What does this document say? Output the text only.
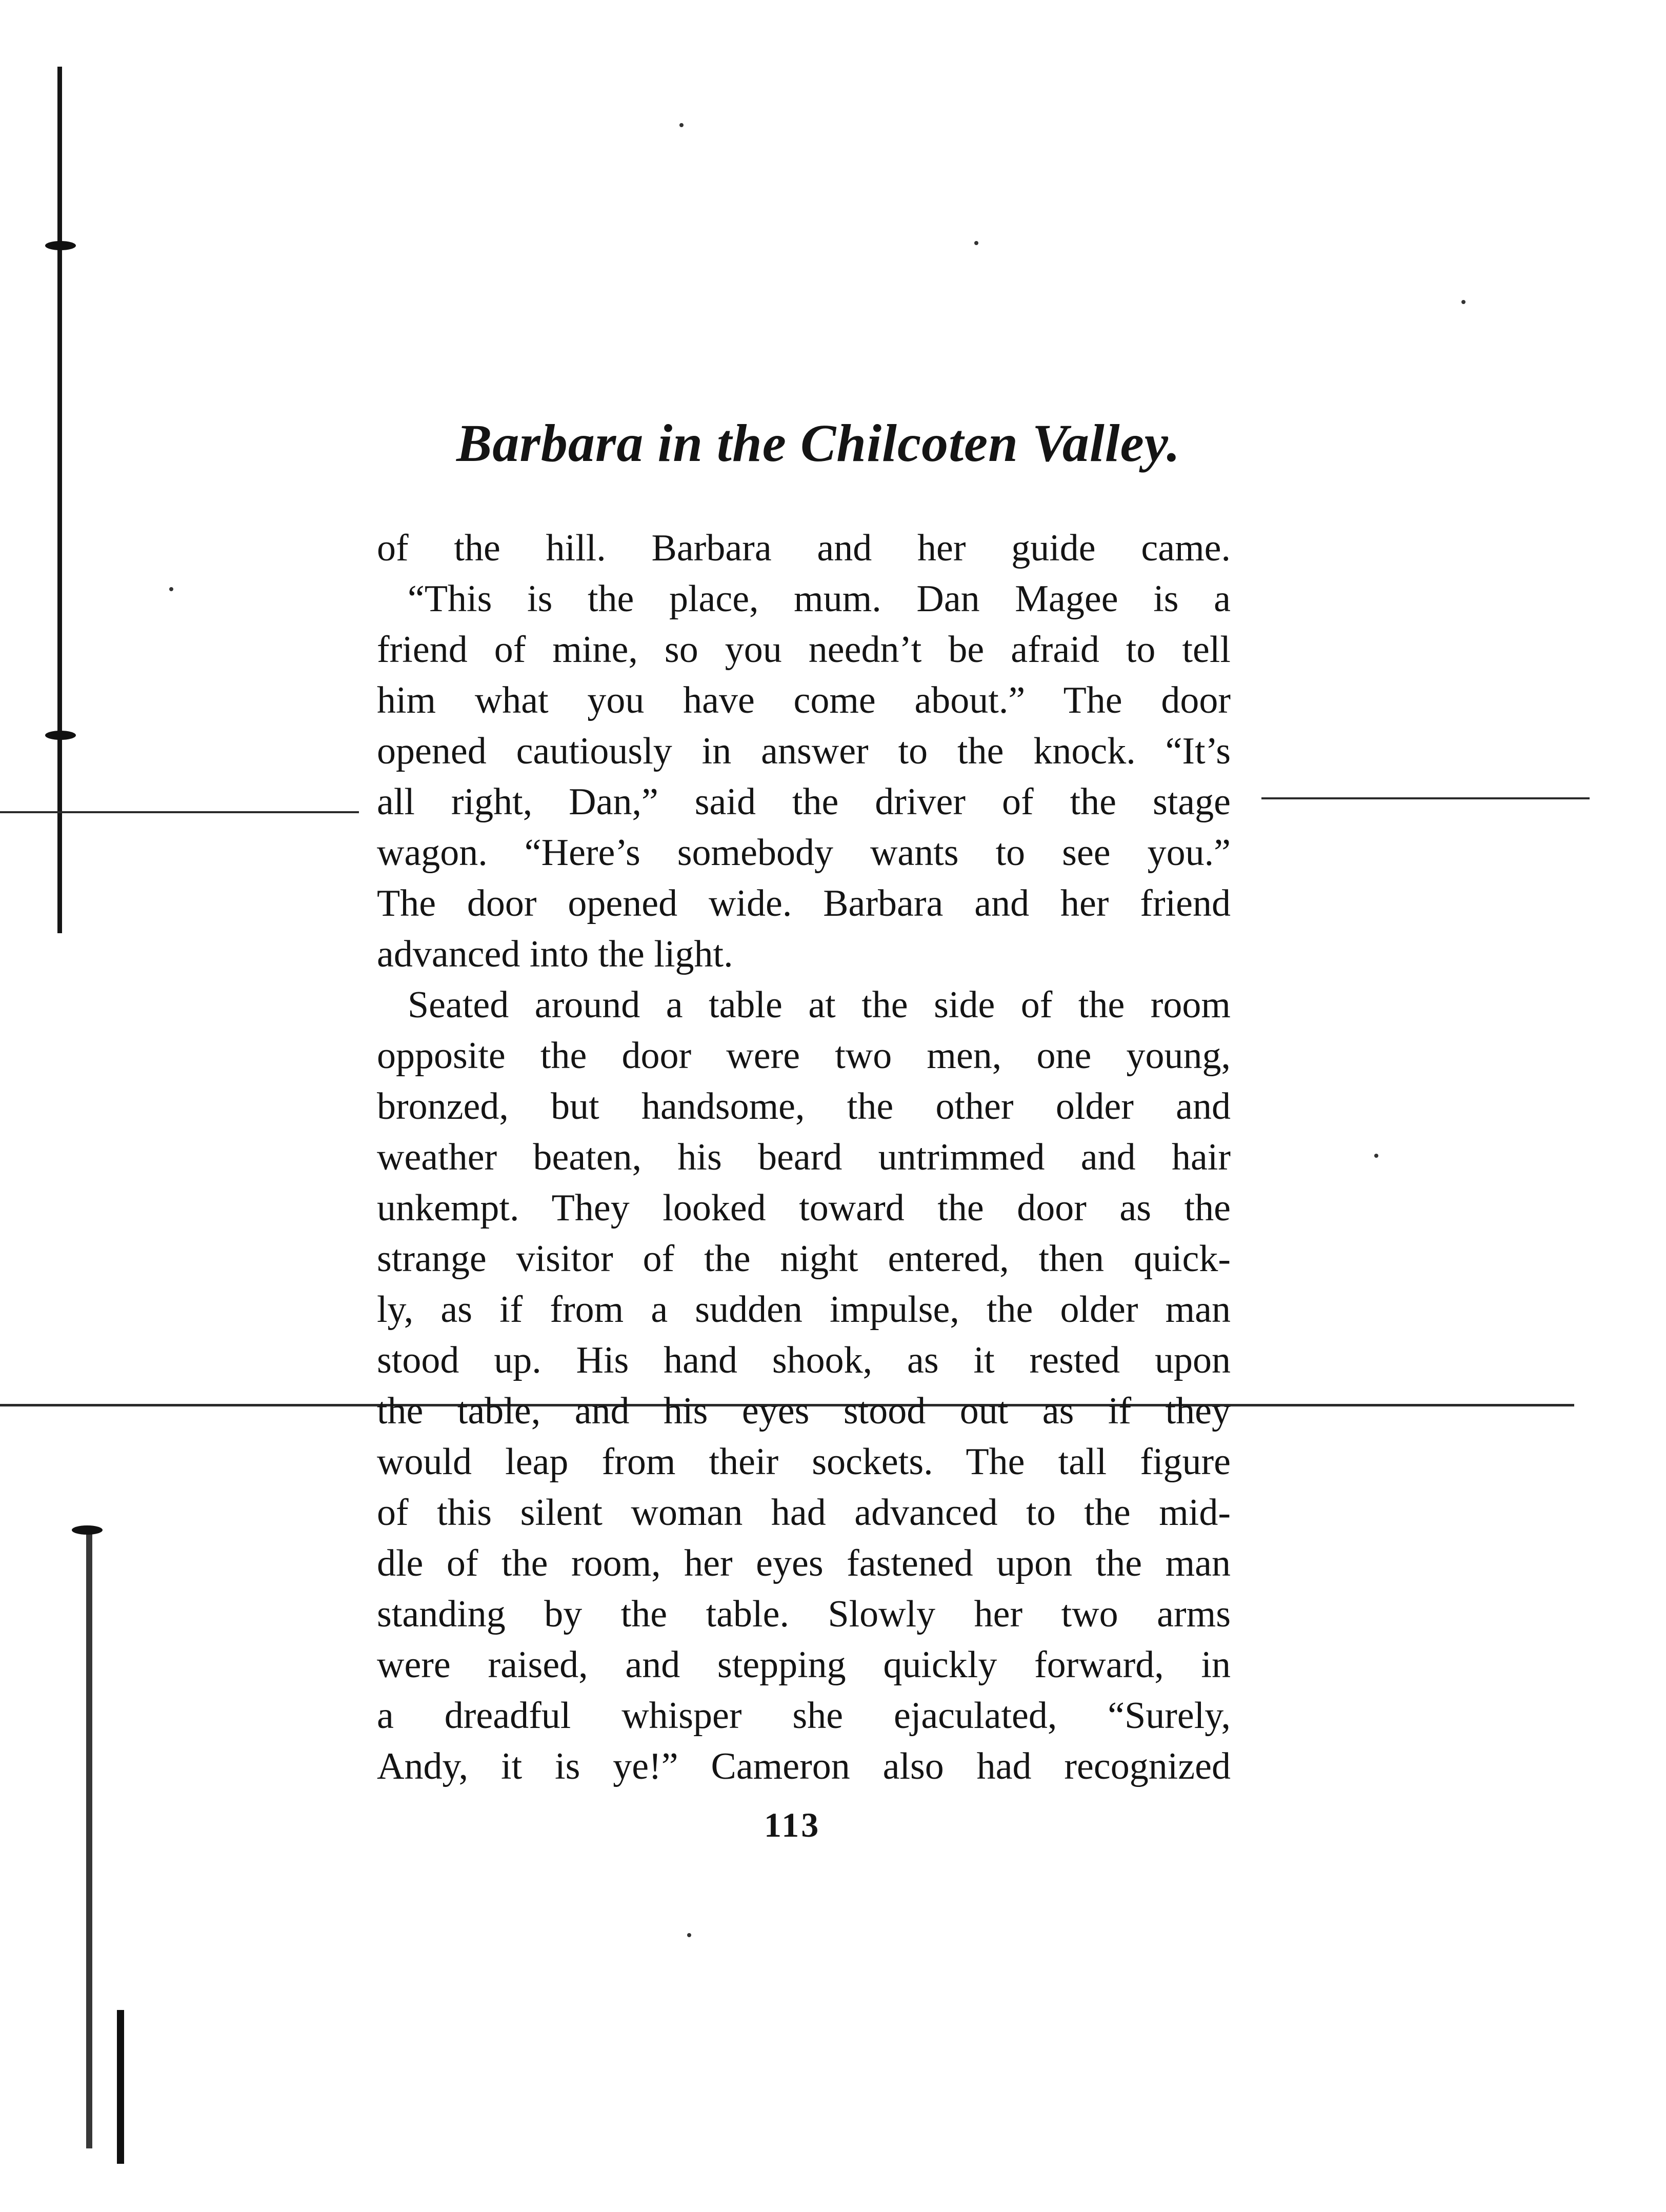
Barbara in the Chilcoten Valley.
of the hill. Barbara and her guide came.
“This is the place, mum. Dan Magee is a
friend of mine, so you needn’t be afraid to tell
him what you have come about.” The door
opened cautiously in answer to the knock. “It’s
all right, Dan,” said the driver of the stage
wagon. “Here’s somebody wants to see you.”
The door opened wide. Barbara and her friend
advanced into the light.
Seated around a table at the side of the room
opposite the door were two men, one young,
bronzed, but handsome, the other older and
weather beaten, his beard untrimmed and hair
unkempt. They looked toward the door as the
strange visitor of the night entered, then quick-
ly, as if from a sudden impulse, the older man
stood up. His hand shook, as it rested upon
the table, and his eyes stood out as if they
would leap from their sockets. The tall figure
of this silent woman had advanced to the mid-
dle of the room, her eyes fastened upon the man
standing by the table. Slowly her two arms
were raised, and stepping quickly forward, in
a dreadful whisper she ejaculated, “Surely,
Andy, it is ye!” Cameron also had recognized
113
